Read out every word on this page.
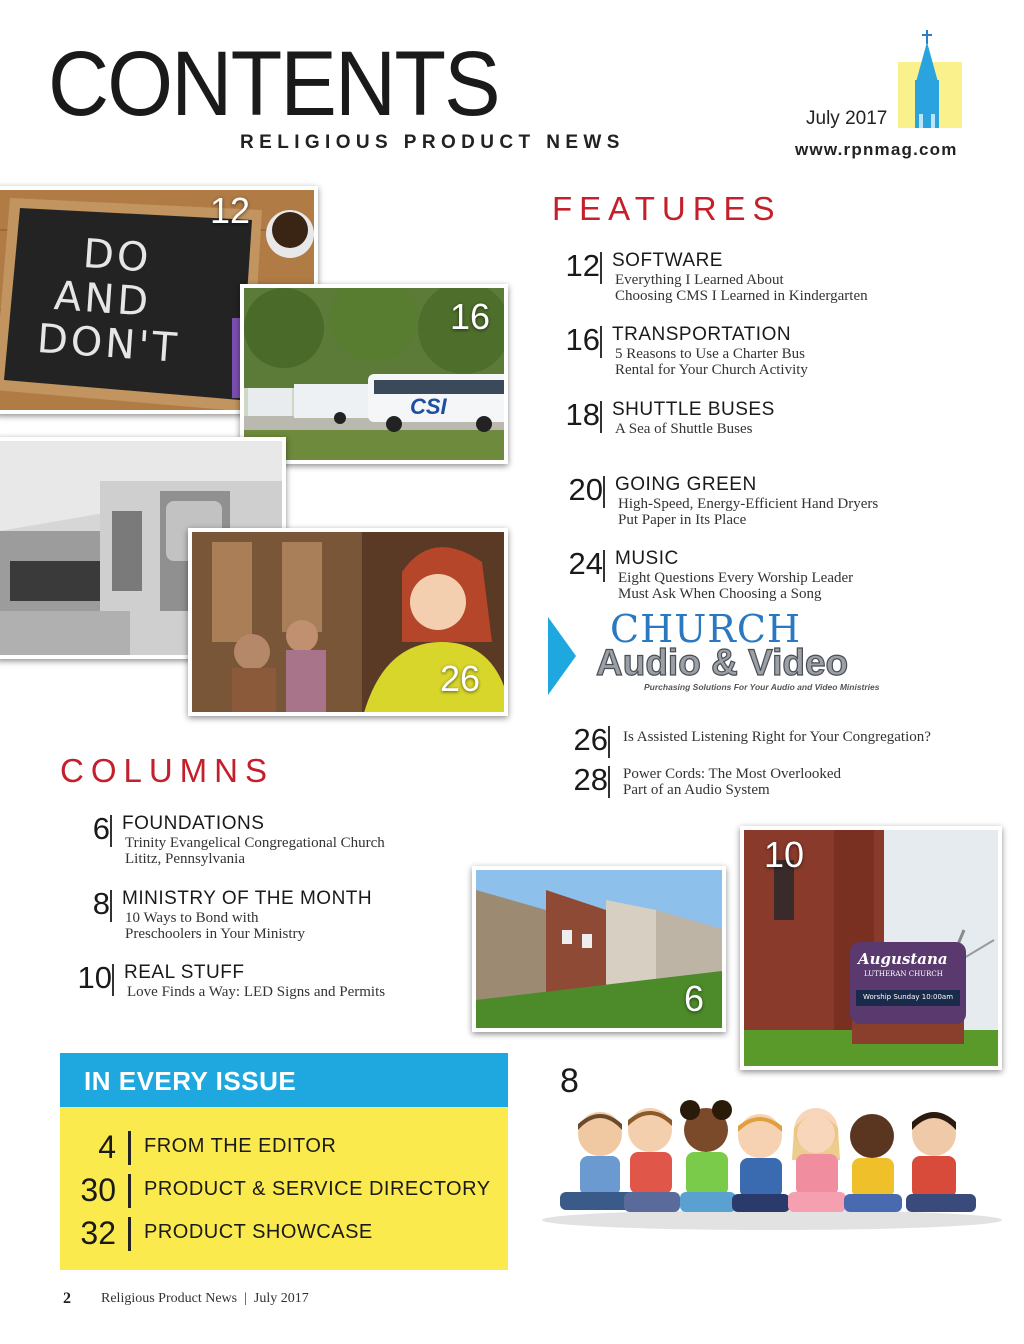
CONTENTS
RELIGIOUS PRODUCT NEWS
July 2017
www.rpnmag.com
DO
AND
DON'T
12
CSI
16
26
FEATURES
12 SOFTWARE
Everything I Learned About
Choosing CMS I Learned in Kindergarten
16 TRANSPORTATION
5 Reasons to Use a Charter Bus
Rental for Your Church Activity
18 SHUTTLE BUSES
A Sea of Shuttle Buses
20 GOING GREEN
High-Speed, Energy-Efficient Hand Dryers
Put Paper in Its Place
24 MUSIC
Eight Questions Every Worship Leader
Must Ask When Choosing a Song
CHURCH
Audio & Video
Purchasing Solutions For Your Audio and Video Ministries
26 Is Assisted Listening Right for Your Congregation?
28 Power Cords: The Most Overlooked
Part of an Audio System
COLUMNS
6 FOUNDATIONS
Trinity Evangelical Congregational Church
Lititz, Pennsylvania
8 MINISTRY OF THE MONTH
10 Ways to Bond with
Preschoolers in Your Ministry
10 REAL STUFF
Love Finds a Way: LED Signs and Permits	6
Augustana
LUTHERAN CHURCH
Worship Sunday 10:00am
10
IN EVERY ISSUE
4 FROM THE EDITOR
30 PRODUCT & SERVICE DIRECTORY
32 PRODUCT SHOWCASE
8
2 Religious Product News  |  July 2017
